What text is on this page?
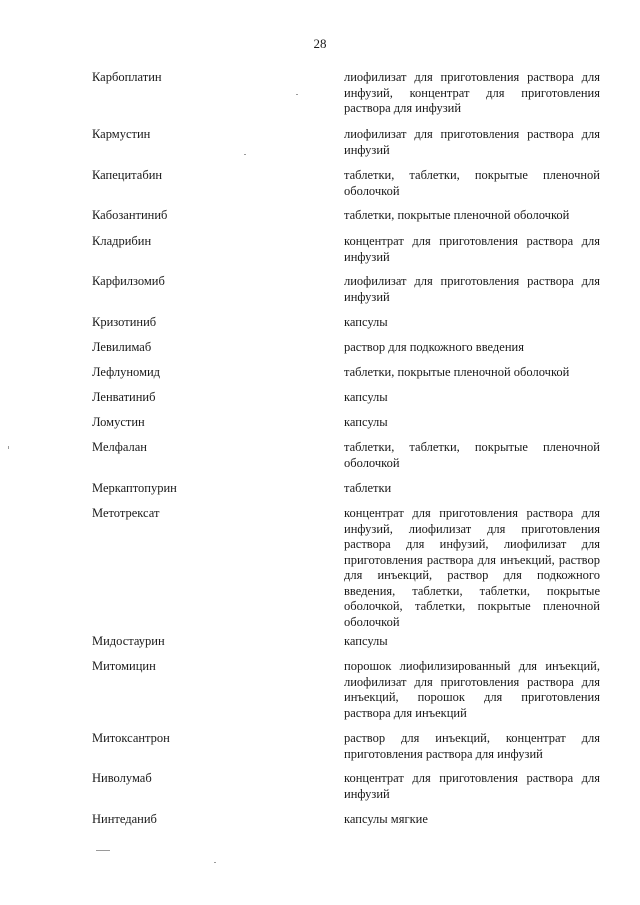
28
Карбоплатин	лиофилизат для приготовления раствора для инфузий, концентрат для приготовления раствора для инфузий
Кармустин	лиофилизат для приготовления раствора для инфузий
Капецитабин	таблетки, таблетки, покрытые пленочной оболочкой
Кабозантиниб	таблетки, покрытые пленочной оболочкой
Кладрибин	концентрат для приготовления раствора для инфузий
Карфилзомиб	лиофилизат для приготовления раствора для инфузий
Кризотиниб	капсулы
Левилимаб	раствор для подкожного введения
Лефлуномид	таблетки, покрытые пленочной оболочкой
Ленватиниб	капсулы
Ломустин	капсулы
Мелфалан	таблетки, таблетки, покрытые пленочной оболочкой
Меркаптопурин	таблетки
Метотрексат	концентрат для приготовления раствора для инфузий, лиофилизат для приготовления раствора для инфузий, лиофилизат для приготовления раствора для инъекций, раствор для инъекций, раствор для подкожного введения, таблетки, таблетки, покрытые оболочкой, таблетки, покрытые пленочной оболочкой
Мидостаурин	капсулы
Митомицин	порошок лиофилизированный для инъекций, лиофилизат для приготовления раствора для инъекций, порошок для приготовления раствора для инъекций
Митоксантрон	раствор для инъекций, концентрат для приготовления раствора для инфузий
Ниволумаб	концентрат для приготовления раствора для инфузий
Нинтеданиб	капсулы мягкие
